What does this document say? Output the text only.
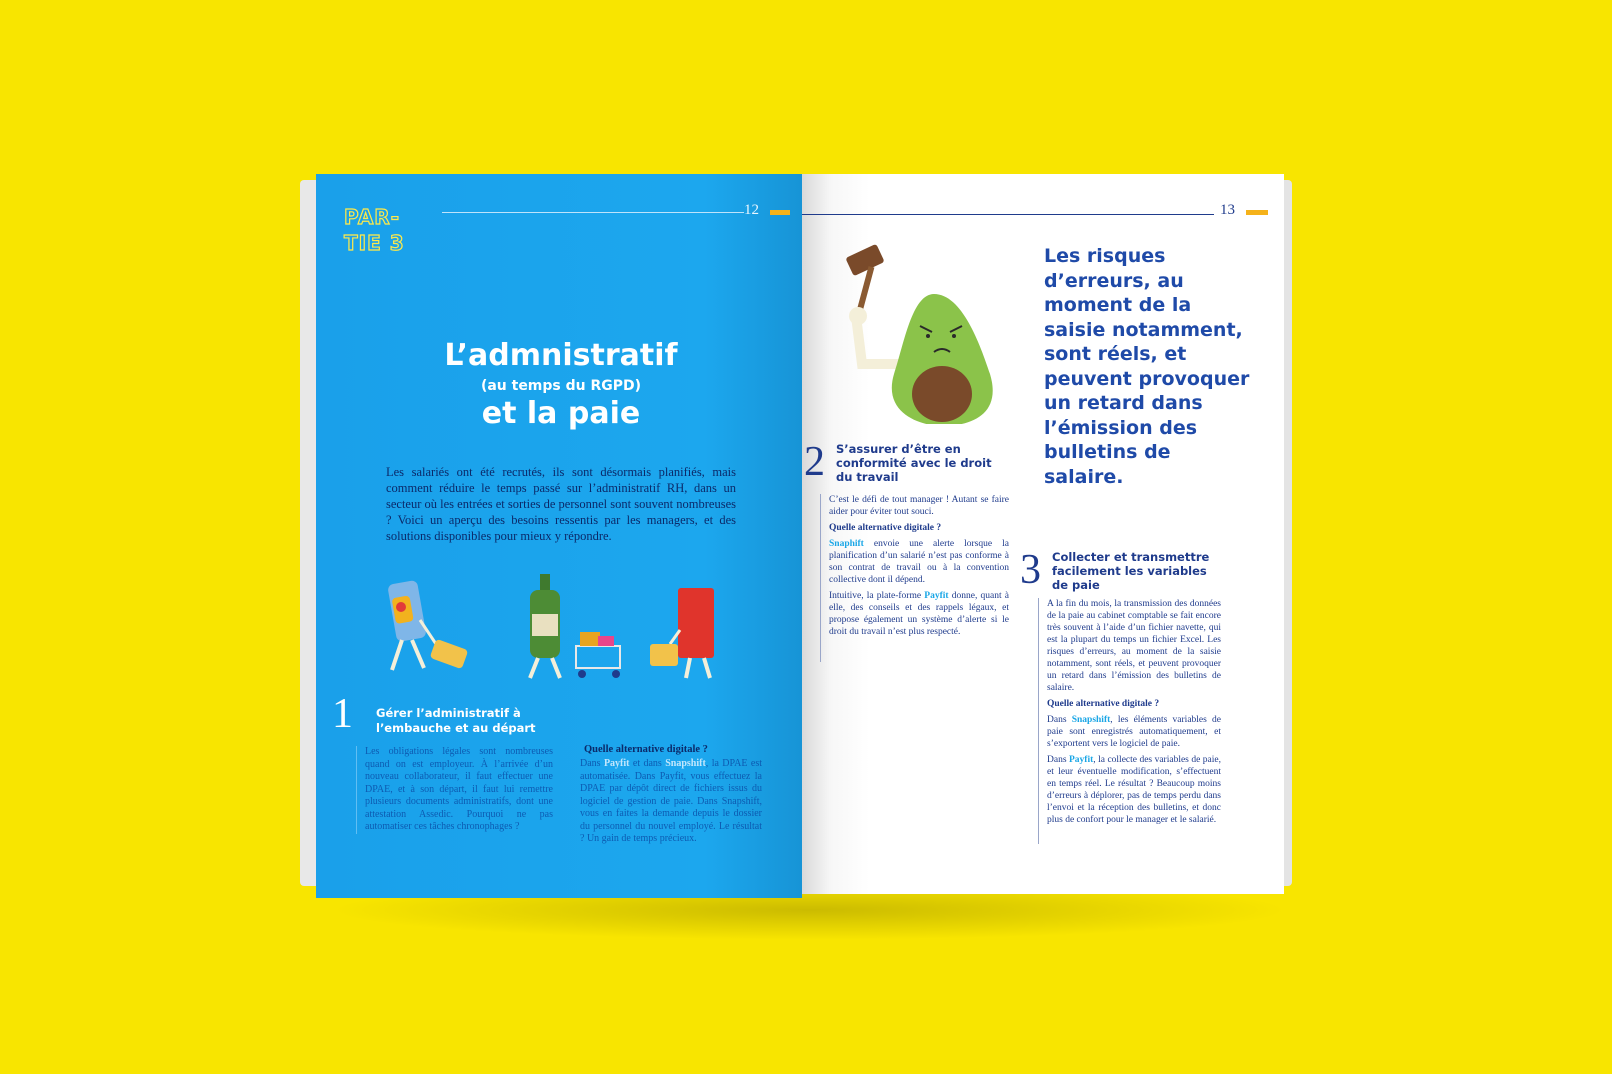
PAR-
TIE 3
12
L’admnistratif
(au temps du RGPD)
et la paie
Les salariés ont été recrutés, ils sont désormais planifiés, mais comment réduire le temps passé sur l’administratif RH, dans un secteur où les entrées et sorties de personnel sont souvent nombreuses ? Voici un aperçu des besoins ressentis par les managers, et des solutions disponibles pour mieux y répondre.
1 Gérer l’administratif à l’embauche et au départ
Les obligations légales sont nombreuses quand on est employeur. À l’arrivée d’un nouveau collaborateur, il faut effectuer une DPAE, et à son départ, il faut lui remettre plusieurs documents administratifs, dont une attestation Assedic. Pourquoi ne pas automatiser ces tâches chronophages ?
Quelle alternative digitale ?
Dans Payfit et dans Snapshift, la DPAE est automatisée. Dans Payfit, vous effectuez la DPAE par dépôt direct de fichiers issus du logiciel de gestion de paie. Dans Snapshift, vous en faites la demande depuis le dossier du personnel du nouvel employé. Le résultat ? Un gain de temps précieux.
13
Les risques d’erreurs, au moment de la saisie notamment, sont réels, et peuvent provoquer un retard dans l’émission des bulletins de salaire.
2 S’assurer d’être en conformité avec le droit du travail

C’est le défi de tout manager ! Autant se faire aider pour éviter tout souci.

Quelle alternative digitale ?

Snaphift envoie une alerte lorsque la planification d’un salarié n’est pas conforme à son contrat de travail ou à la convention collective dont il dépend.

Intuitive, la plate-forme Payfit donne, quant à elle, des conseils et des rappels légaux, et propose également un système d’alerte si le droit du travail n’est plus respecté.

3 Collecter et transmettre facilement les variables de paie

A la fin du mois, la transmission des données de la paie au cabinet comptable se fait encore très souvent à l’aide d’un fichier navette, qui est la plupart du temps un fichier Excel. Les risques d’erreurs, au moment de la saisie notamment, sont réels, et peuvent provoquer un retard dans l’émission des bulletins de salaire.

Quelle alternative digitale ?

Dans Snapshift, les éléments variables de paie sont enregistrés automatiquement, et s’exportent vers le logiciel de paie.

Dans Payfit, la collecte des variables de paie, et leur éventuelle modification, s’effectuent en temps réel. Le résultat ? Beaucoup moins d’erreurs à déplorer, pas de temps perdu dans l’envoi et la réception des bulletins, et donc plus de confort pour le manager et le salarié.
